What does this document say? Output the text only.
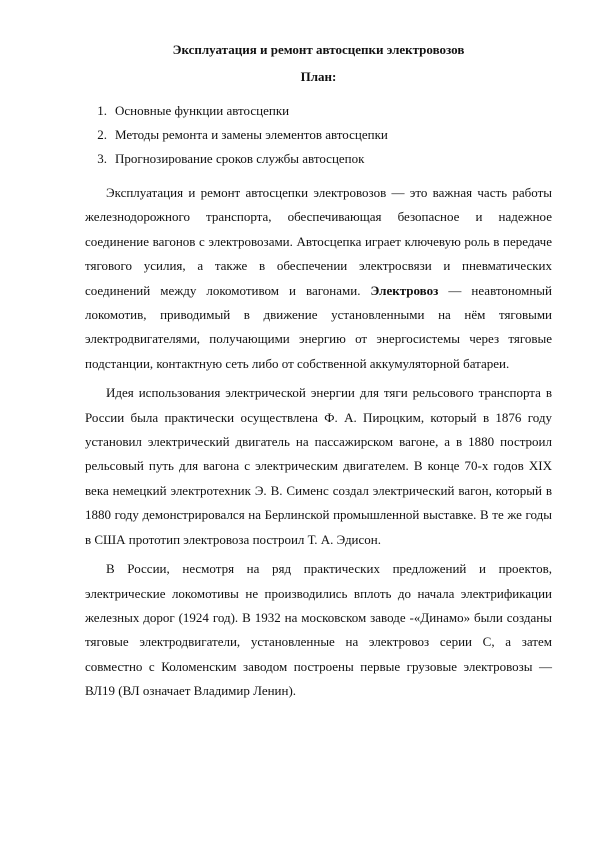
Эксплуатация и ремонт автосцепки электровозов
План:
1. Основные функции автосцепки
2. Методы ремонта и замены элементов автосцепки
3. Прогнозирование сроков службы автосцепок

Эксплуатация и ремонт автосцепки электровозов — это важная часть работы железнодорожного транспорта, обеспечивающая безопасное и надежное соединение вагонов с электровозами. Автосцепка играет ключевую роль в передаче тягового усилия, а также в обеспечении электросвязи и пневматических соединений между локомотивом и вагонами. Электровоз — неавтономный локомотив, приводимый в движение установленными на нём тяговыми электродвигателями, получающими энергию от энергосистемы через тяговые подстанции, контактную сеть либо от собственной аккумуляторной батареи.

Идея использования электрической энергии для тяги рельсового транспорта в России была практически осуществлена Ф. А. Пироцким, который в 1876 году установил электрический двигатель на пассажирском вагоне, а в 1880 построил рельсовый путь для вагона с электрическим двигателем. В конце 70-х годов XIX века немецкий электротехник Э. В. Сименс создал электрический вагон, который в 1880 году демонстрировался на Берлинской промышленной выставке. В те же годы в США прототип электровоза построил Т. А. Эдисон.

В России, несмотря на ряд практических предложений и проектов, электрические локомотивы не производились вплоть до начала электрификации железных дорог (1924 год). В 1932 на московском заводе -«Динамо» были созданы тяговые электродвигатели, установленные на электровоз серии С, а затем совместно с Коломенским заводом построены первые грузовые электровозы — ВЛ19 (ВЛ означает Владимир Ленин).
